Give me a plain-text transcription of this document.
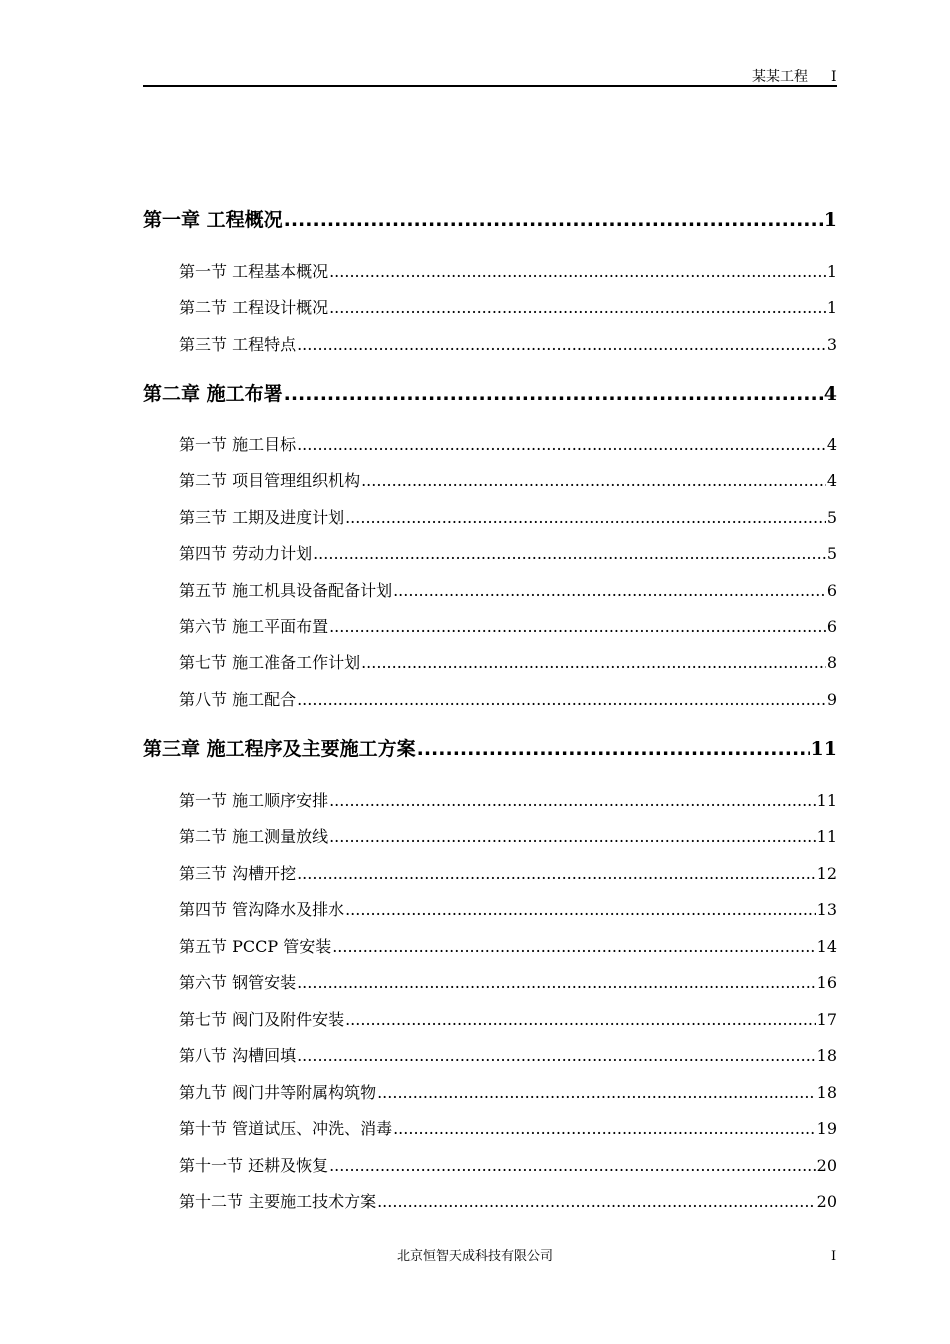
某某工程 I
第一章 工程概况 .....	1
第一节 工程基本概况 .....	1
第二节 工程设计概况 .....	1
第三节 工程特点 .....	3
第二章 施工布署 .....	4
第一节 施工目标 .....	4
第二节 项目管理组织机构 .....	4
第三节 工期及进度计划 .....	5
第四节 劳动力计划 .....	5
第五节 施工机具设备配备计划 .....	6
第六节 施工平面布置 .....	6
第七节 施工准备工作计划 .....	8
第八节 施工配合 .....	9
第三章 施工程序及主要施工方案 .....	11
第一节 施工顺序安排 .....	11
第二节 施工测量放线 .....	11
第三节 沟槽开挖 .....	12
第四节 管沟降水及排水 .....	13
第五节 PCCP 管安装 .....	14
第六节 钢管安装 .....	16
第七节 阀门及附件安装 .....	17
第八节 沟槽回填 .....	18
第九节 阀门井等附属构筑物 .....	18
第十节 管道试压、冲洗、消毒 .....	19
第十一节 还耕及恢复 .....	20
第十二节 主要施工技术方案 .....	20
北京恒智天成科技有限公司	I
